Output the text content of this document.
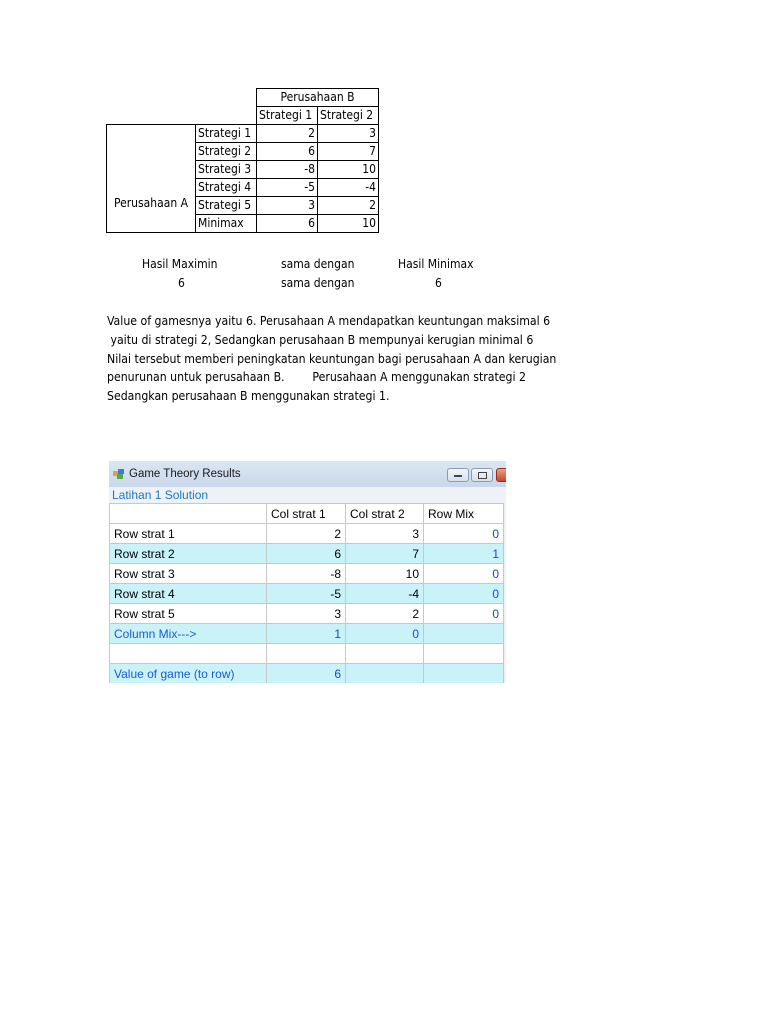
		Perusahaan B	
		Strategi 1	Strategi 2
Perusahaan A	Strategi 1	2	3
	Strategi 2	6	7
	Strategi 3	-8	10
	Strategi 4	-5	-4
	Strategi 5	3	2
	Minimax	6	10
Hasil Maximin	sama dengan	Hasil Minimax
6	sama dengan	6
Value of gamesnya yaitu 6. Perusahaan A mendapatkan keuntungan maksimal 6
yaitu di strategi 2, Sedangkan perusahaan B mempunyai kerugian minimal 6
Nilai tersebut memberi peningkatan keuntungan bagi perusahaan A dan kerugian
penurunan untuk perusahaan B.        Perusahaan A menggunakan strategi 2
Sedangkan perusahaan B menggunakan strategi 1.
Game Theory Results
Latihan 1 Solution
	Col strat 1	Col strat 2	Row Mix
Row strat 1	2	3	0
Row strat 2	6	7	1
Row strat 3	-8	10	0
Row strat 4	-5	-4	0
Row strat 5	3	2	0
Column Mix--->	1	0	

Value of game (to row)	6		
